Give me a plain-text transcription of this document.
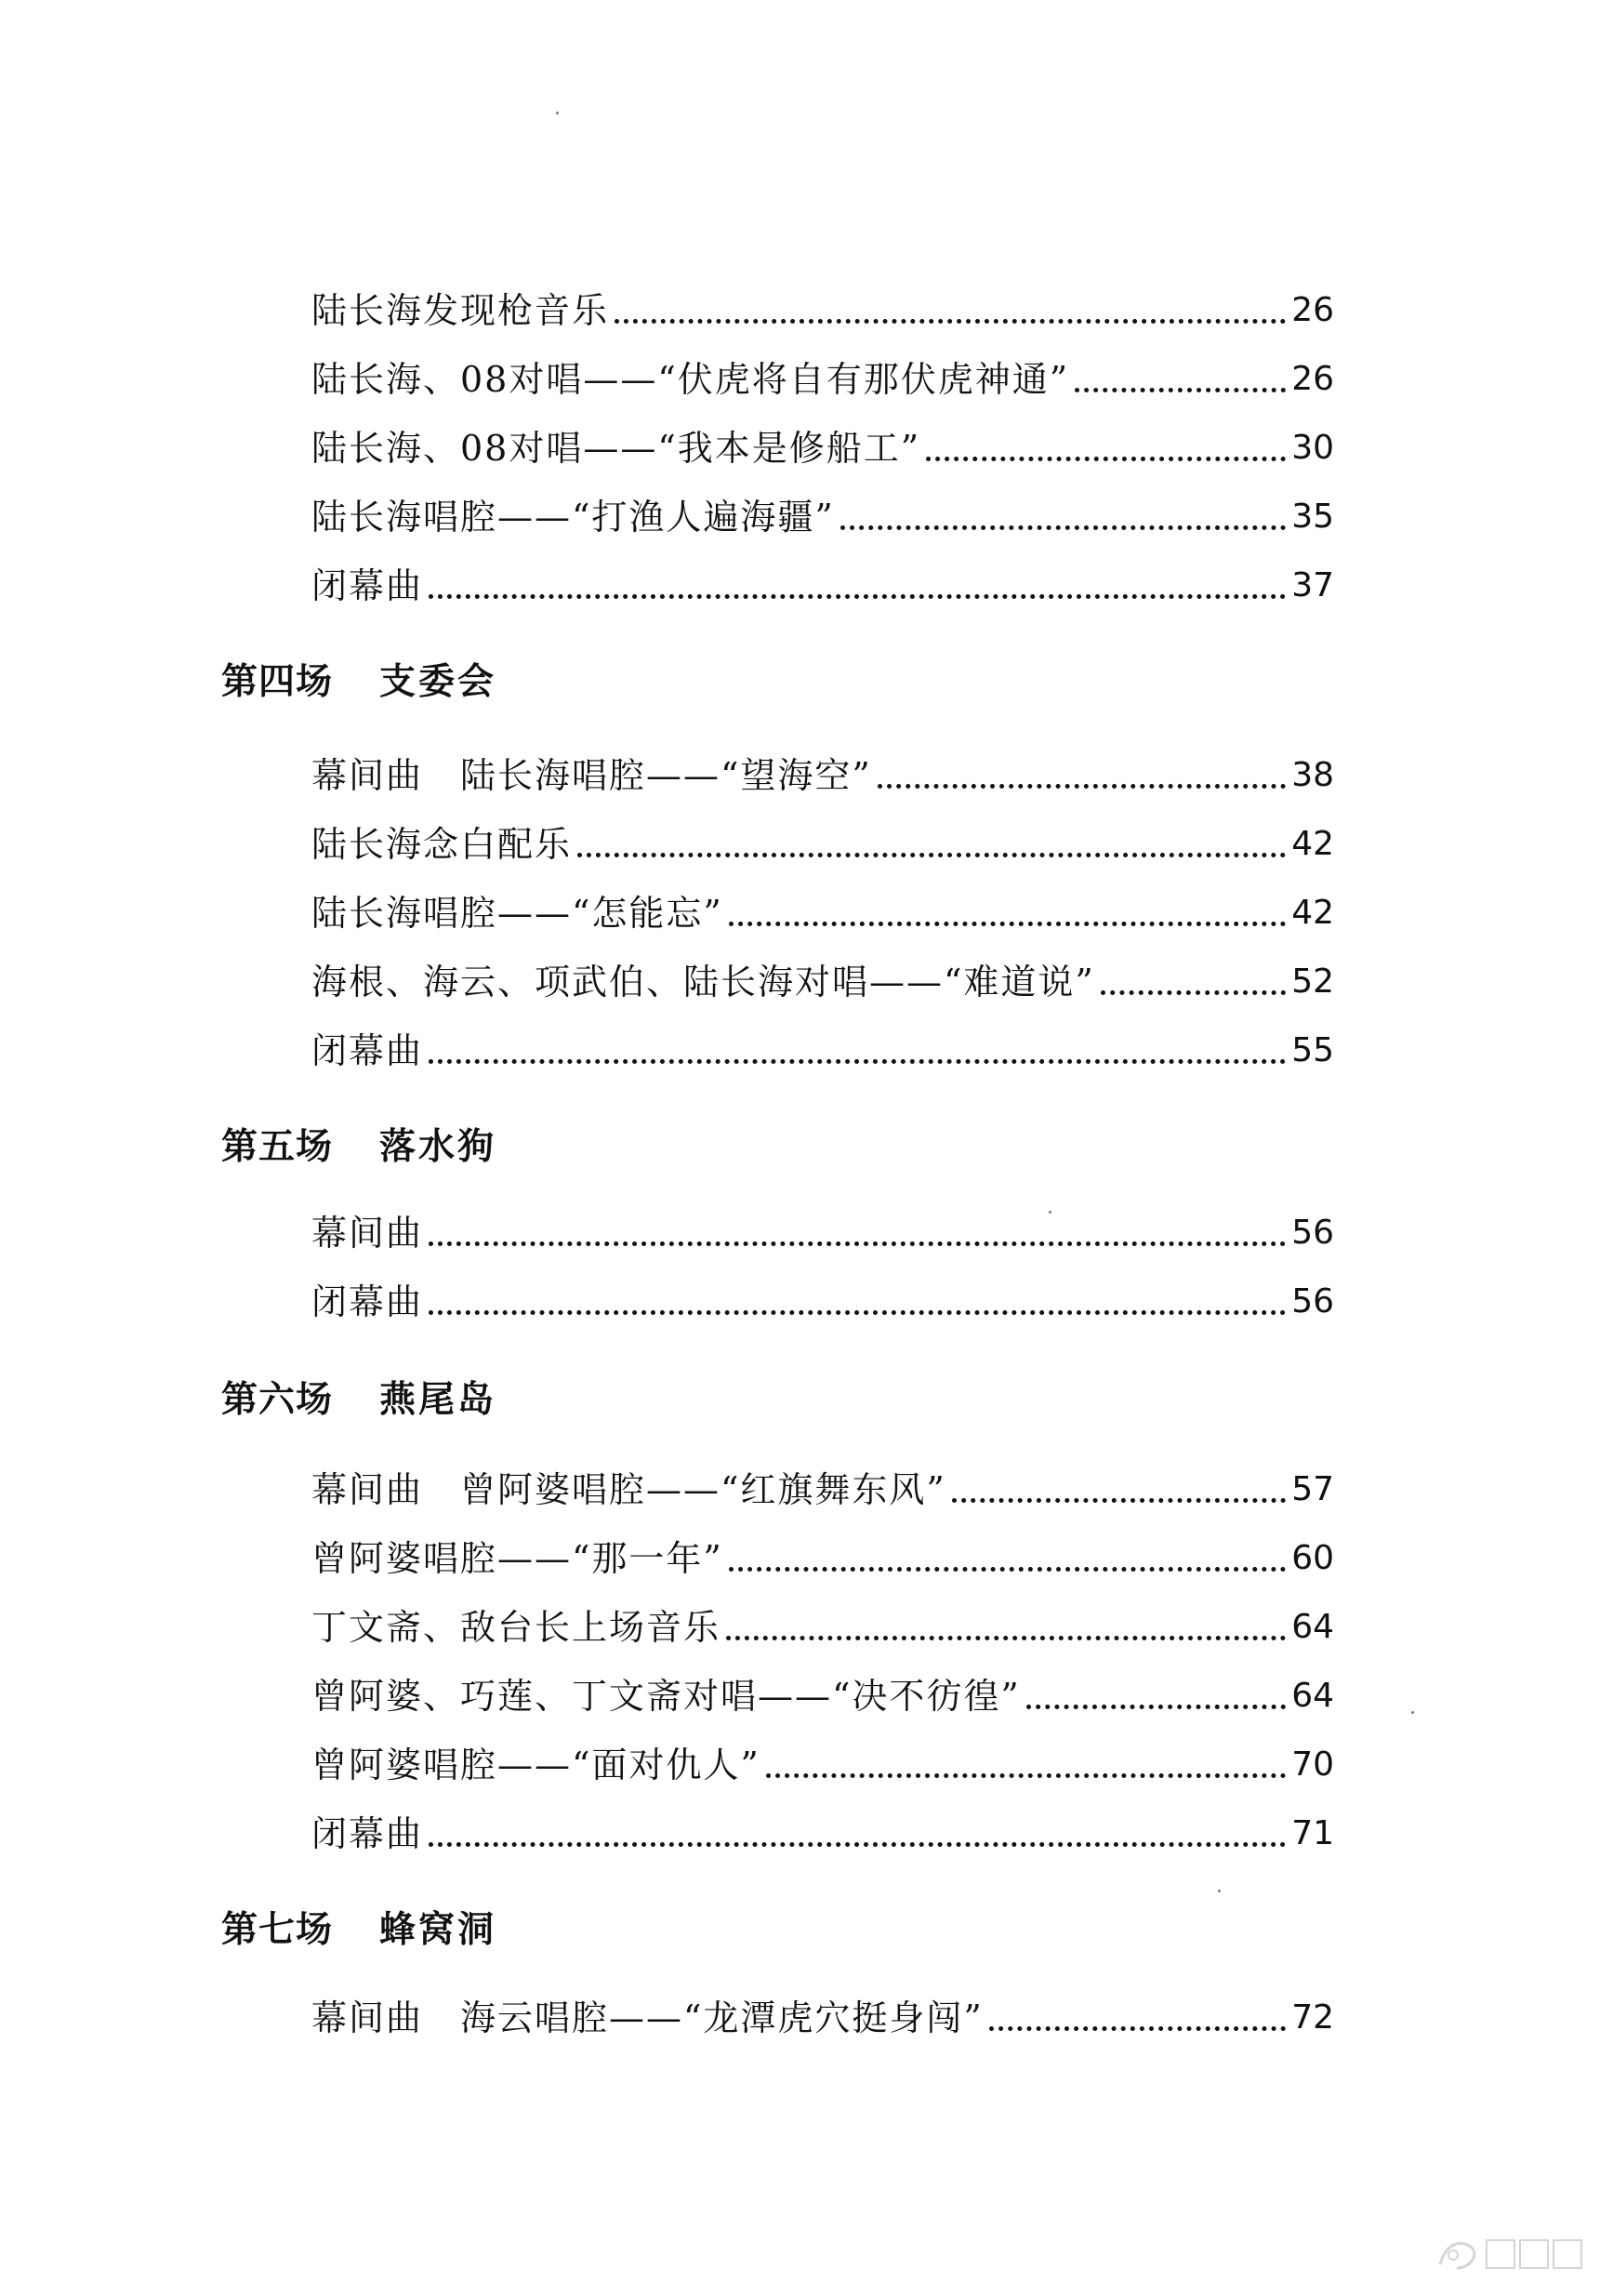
陆长海发现枪音乐	26
陆长海、08对唱——“伏虎将自有那伏虎神通”	26
陆长海、08对唱——“我本是修船工”	30
陆长海唱腔——“打渔人遍海疆”	35
闭幕曲	37
第四场 支委会
幕间曲　陆长海唱腔——“望海空”	38
陆长海念白配乐	42
陆长海唱腔——“怎能忘”	42
海根、海云、项武伯、陆长海对唱——“难道说”	52
闭幕曲	55
第五场 落水狗
幕间曲	56
闭幕曲	56
第六场 燕尾岛
幕间曲　曾阿婆唱腔——“红旗舞东风”	57
曾阿婆唱腔——“那一年”	60
丁文斋、敌台长上场音乐	64
曾阿婆、巧莲、丁文斋对唱——“决不彷徨”	64
曾阿婆唱腔——“面对仇人”	70
闭幕曲	71
第七场 蜂窝洞
幕间曲　海云唱腔——“龙潭虎穴挺身闯”	72
